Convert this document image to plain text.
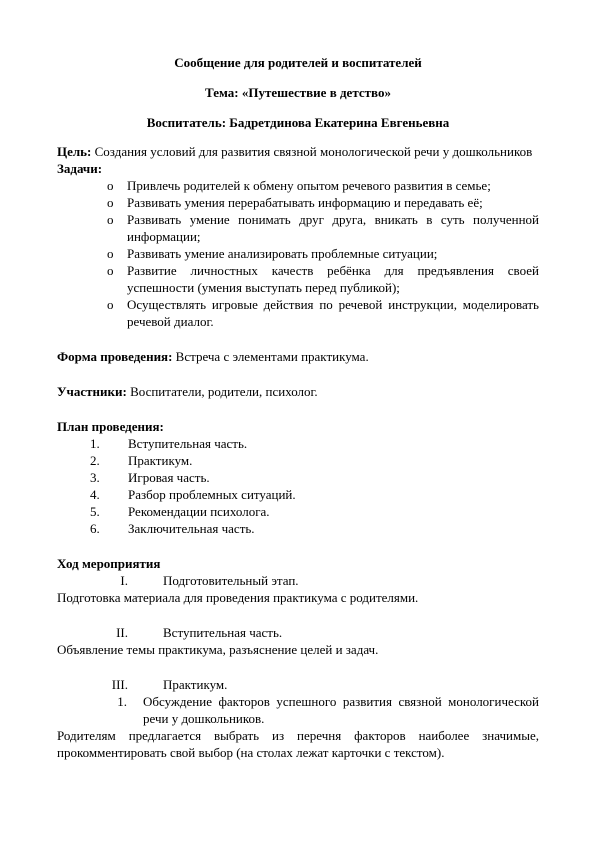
Сообщение для родителей и воспитателей

Тема: «Путешествие в детство»

Воспитатель: Бадретдинова Екатерина Евгеньевна

Цель: Создания условий для развития связной монологической речи у дошкольников

Задачи:

o Привлечь родителей к обмену опытом речевого развития в семье;
o Развивать умения перерабатывать информацию и передавать её;
o Развивать умение понимать друг друга, вникать в суть полученной информации;
o Развивать умение анализировать проблемные ситуации;
o Развитие личностных качеств ребёнка для предъявления своей успешности (умения выступать перед публикой);
o Осуществлять игровые действия по речевой инструкции, моделировать речевой диалог.

Форма проведения: Встреча с элементами практикума.

Участники: Воспитатели, родители, психолог.

План проведения:

1.	Вступительная часть.
2.	Практикум.
3.	Игровая часть.
4.	Разбор проблемных ситуаций.
5.	Рекомендации психолога.
6.	Заключительная часть.

Ход мероприятия

I.	Подготовительный этап.

Подготовка материала для проведения практикума с родителями.

II.	Вступительная часть.

Объявление темы практикума, разъяснение целей и задач.

III.	Практикум.
1.	Обсуждение факторов успешного развития связной монологической речи у дошкольников.

Родителям предлагается выбрать из перечня факторов наиболее значимые, прокомментировать свой выбор (на столах лежат карточки с текстом).
